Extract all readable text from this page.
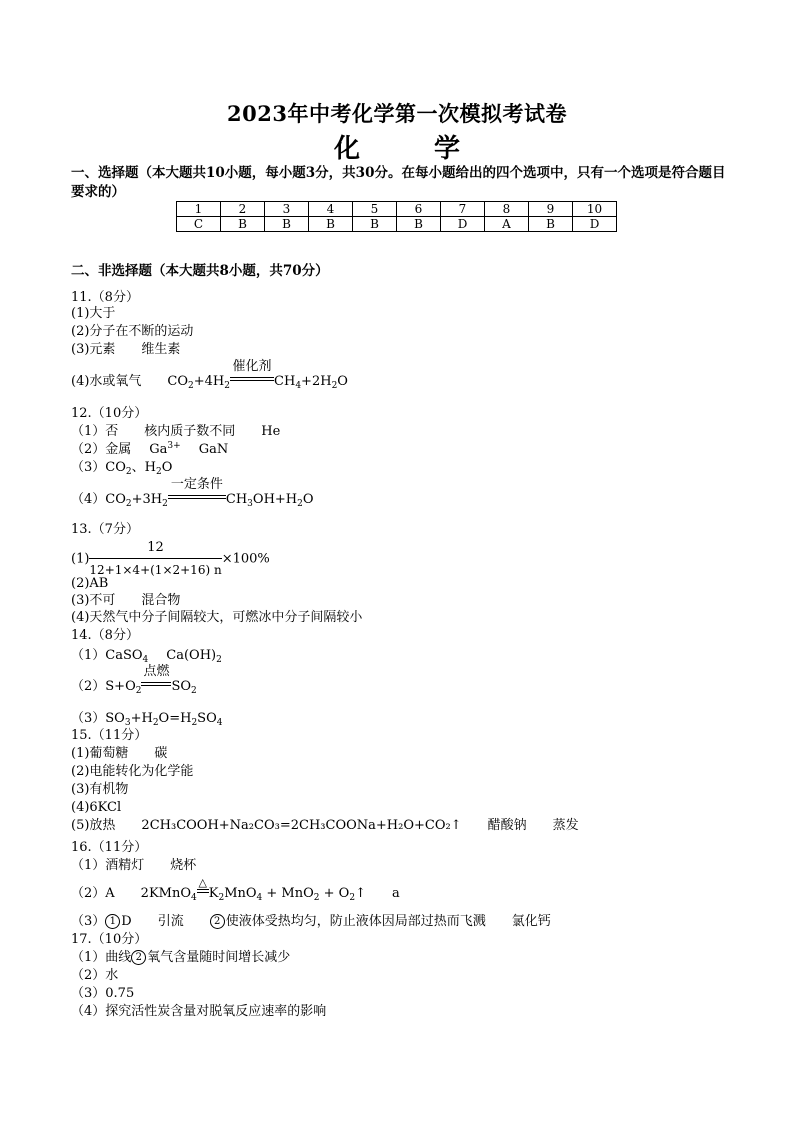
2023年中考化学第一次模拟考试卷
化　学
一、选择题（本大题共10小题，每小题3分，共30分。在每小题给出的四个选项中，只有一个选项是符合题目要求的）
1	2	3	4	5	6	7	8	9	10
C	B	B	B	B	B	D	A	B	D
二、非选择题（本大题共8小题，共70分）
11.（8分）
(1)大于
(2)分子在不断的运动
(3)元素 维生素
(4)水或氧气 $CO_2+4H_2$
催化剂
$CH_4+2H_2O$
12.（10分）
（1）否 核内质子数不同 He
（2）金属 $Ga^{3+}$ GaN
$(3)CO_2$、$H_2O$
$(4)CO_2+3H_2$
一定条件
$CH_3OH+H_2O$
13.（7分）
$(1) \frac{12}{12+1\times 4+(1\times 2+16) n} \times 100\%$
(2)AB
(3)不可 混合物
(4)天然气中分子间隔较大，可燃冰中分子间隔较小
14.（8分）
（1）CaSO$_4$ $Ca(OH)_2$
$(2)S+O_2$
点燃
$SO_2$
$(3)SO_3+H_2O=H_2SO_4$
15.（11分）
(1)葡萄糖 碳
(2)电能转化为化学能
(3)有机物
(4)6KCl
(5)放热 2CH₃COOH+Na₂CO₃=2CH₃COONa+H₂O+CO₂↑ 醋酸钠 蒸发
16.（11分）
（1）酒精灯 烧杯
（2）A 2KMnO$_4$
△
$K_2MnO_4 + MnO_2$ + $O_2↑$ a
（3） 1 D 引流	2 使液体受热均匀，防止液体因局部过热而飞溅 氯化钙
17.（10分）
（1）曲线 2 氧气含量随时间增长减少
（2）水
（3）0.75
（4）探究活性炭含量对脱氧反应速率的影响
